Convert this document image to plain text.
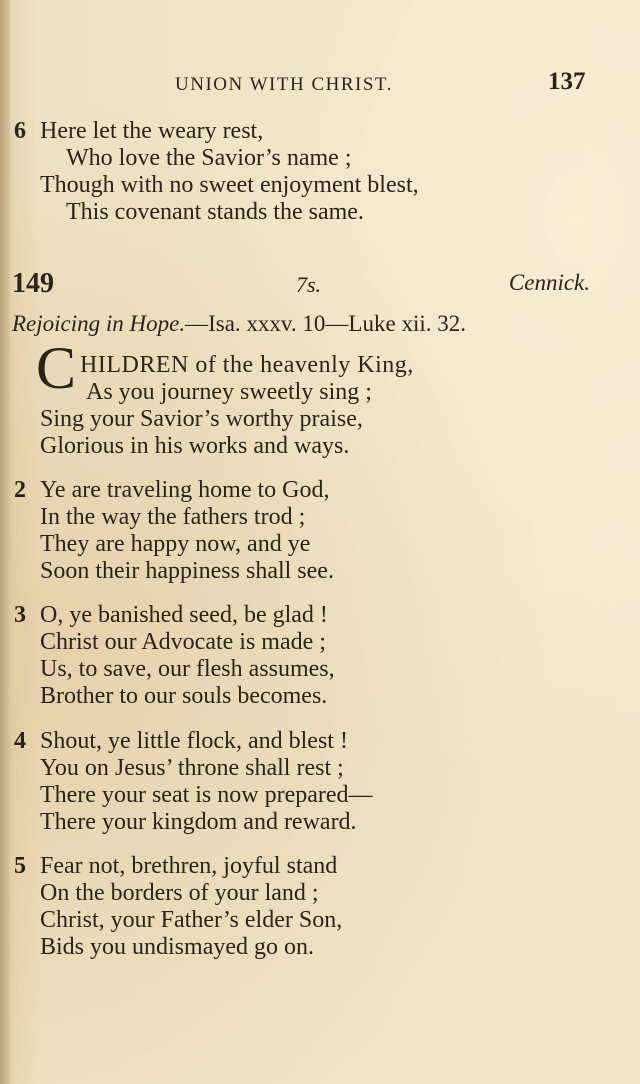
UNION WITH CHRIST.	137
6 Here let the weary rest,
Who love the Savior’s name ;
Though with no sweet enjoyment blest,
This covenant stands the same.
149	7s.	Cennick.
Rejoicing in Hope.—Isa. xxxv. 10—Luke xii. 32.
C HILDREN of the heavenly King,
As you journey sweetly sing ;
Sing your Savior’s worthy praise,
Glorious in his works and ways.
2 Ye are traveling home to God,
In the way the fathers trod ;
They are happy now, and ye
Soon their happiness shall see.
3 O, ye banished seed, be glad !
Christ our Advocate is made ;
Us, to save, our flesh assumes,
Brother to our souls becomes.
4 Shout, ye little flock, and blest !
You on Jesus’ throne shall rest ;
There your seat is now prepared—
There your kingdom and reward.
5 Fear not, brethren, joyful stand
On the borders of your land ;
Christ, your Father’s elder Son,
Bids you undismayed go on.
